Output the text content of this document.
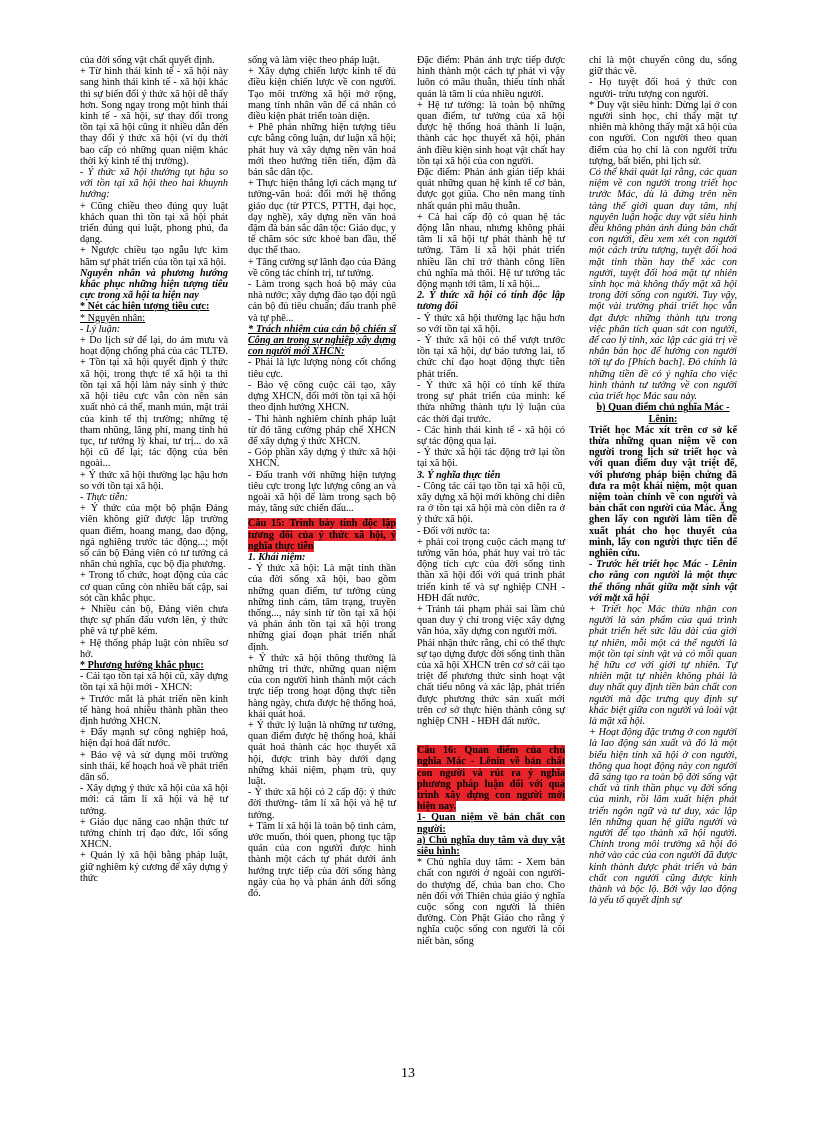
của đời sống vật chất quyết định.

+ Từ hình thái kinh tế - xã hội này sang hình thái kinh tế - xã hội khác thì sự biến đổi ý thức xã hội dễ thấy hơn. Song ngay trong một hình thái kinh tế - xã hội, sự thay đổi trong tồn tại xã hội cũng ít nhiều dẫn đến thay đổi ý thức xã hội (ví dụ thời bao cấp có những quan niệm khác thời kỳ kinh tế thị trường).

- Ý thức xã hội thường tụt hậu so với tồn tại xã hội theo hai khuynh hướng:

+ Cũng chiều theo đúng quy luật khách quan thì tồn tại xã hội phát triển đúng qui luật, phong phú, đa dạng.

+ Ngược chiều tạo ngẫu lực kìm hãm sự phát triển của tồn tại xã hội.

Nguyên nhân và phương hướng khắc phục những hiện tượng tiêu cực trong xã hội ta hiện nay

* Nét các hiện tượng tiêu cực:

* Nguyên nhân:

- Lý luận:

+ Do lịch sử để lại, do ảm mưu và hoạt động chống phá của các TLTĐ.

+ Tồn tại xã hội quyết định ý thức xã hội, trong thực tế xã hội ta thì tồn tại xã hội làm nảy sinh ý thức xã hội tiêu cực vẫn còn nền sản xuất nhỏ cá thể, manh mún, mặt trái của kinh tế thị trường; những tệ tham nhũng, lãng phí, mang tính hủ tục, tư tưởng lỳ khai, tư trị... do xã hội cũ để lại; tác động của bên ngoài...

+ Ý thức xã hội thường lạc hậu hơn so với tồn tại xã hội.

- Thực tiễn:

+ Ý thức của một bộ phận Đảng viên không giữ được lập trường quan điểm, hoang mang, dao động, ngả nghiêng trước tác động...; một số cán bộ Đảng viên có tư tưởng cá nhân chủ nghĩa, cục bộ địa phương.

+ Trong tổ chức, hoạt động của các cơ quan cũng còn nhiều bất cập, sai sót cần khắc phục.

+ Nhiều cán bộ, Đảng viên chưa thực sự phấn đấu vươn lên, ý thức phê và tự phê kém.

+ Hệ thống pháp luật còn nhiều sơ hở.

* Phương hướng khắc phục:

- Cải tạo tồn tại xã hội cũ, xây dựng tồn tại xã hội mới - XHCN:

+ Trước mắt là phát triển nền kinh tế hàng hoá nhiều thành phần theo định hướng XHCN.

+ Đẩy mạnh sự công nghiệp hoá, hiện đại hoá đất nước.

+ Bảo vệ và sử dụng môi trường sinh thái, kế hoạch hoá về phát triển dân số.

- Xây dựng ý thức xã hội của xã hội mới: cả tâm lí xã hội và hệ tư tưởng.

+ Giáo dục nâng cao nhận thức tư tưởng chính trị đạo đức, lối sống XHCN.

+ Quản lý xã hội bằng pháp luật, giữ nghiêm kỷ cương để xây dựng ý thức

sống và làm việc theo pháp luật.

+ Xây dựng chiến lược kinh tế đủ điều kiện chiến lược về con người. Tạo môi trường xã hội mở rộng, mang tính nhân văn để cá nhân có điều kiện phát triển toàn diện.

+ Phê phán những hiện tượng tiêu cực bằng công luận, dư luận xã hội; phát huy và xây dựng nền văn hoá mới theo hướng tiên tiến, đậm đà bản sắc dân tộc.

+ Thực hiện thắng lợi cách mạng tư tưởng-văn hoá: đổi mới hệ thống giáo dục (từ PTCS, PTTH, đại học, dạy nghề), xây dựng nền văn hoá đậm đà bản sắc dân tộc: Giáo dục, y tế chăm sóc sức khoẻ ban đầu, thể dục thể thao.

+ Tăng cường sự lãnh đạo của Đảng về công tác chính trị, tư tưởng.

- Làm trong sạch hoá bộ máy của nhà nước; xây dựng đào tạo đội ngũ cán bộ đủ tiêu chuẩn; đấu tranh phê và tự phê...

* Trách nhiệm của cán bộ chiến sĩ Công an trong sự nghiệp xây dựng con người mới XHCN:

- Phải là lực lượng nòng cốt chống tiêu cực.

- Bảo vệ công cuộc cải tạo, xây dựng XHCN, đổi mới tồn tại xã hội theo định hướng XHCN.

- Thi hành nghiêm chỉnh pháp luật từ đó tăng cường pháp chế XHCN để xây dựng ý thức XHCN.

- Góp phần xây dựng ý thức xã hội XHCN.

- Đấu tranh với những hiện tượng tiêu cực trong lực lượng công an và ngoài xã hội để làm trong sạch bộ máy, tăng sức chiến đấu...

Câu 15: Trình bày tính độc lập tương đối của ý thức xã hội, ý nghĩa thực tiễn

1. Khái niệm:

- Ý thức xã hội: Là mặt tinh thần của đời sống xã hội, bao gồm những quan điểm, tư tưởng cùng những tình cảm, tâm trạng, truyền thống..., nảy sinh từ tồn tại xã hội và phản ánh tồn tại xã hội trong những giai đoạn phát triển nhất định.

+ Ý thức xã hội thông thường là những tri thức, những quan niệm của con người hình thành một cách trực tiếp trong hoạt động thực tiễn hàng ngày, chưa được hệ thống hoá, khái quát hoá.

+ Ý thức lý luận là những tư tưởng, quan điểm được hệ thống hoá, khái quát hoá thành các học thuyết xã hội, được trình bày dưới dạng những khái niệm, phạm trù, quy luật.

- Ý thức xã hội có 2 cấp độ: ý thức đời thường- tâm lí xã hội và hệ tư tưởng.

+ Tâm lí xã hội là toàn bộ tình cảm, ước muốn, thói quen, phong tục tập quán của con người được hình thành một cách tự phát dưới ảnh hưởng trực tiếp của đời sống hàng ngày của họ và phản ánh đời sống đó.

Đặc điểm: Phản ánh trực tiếp được hình thành một cách tự phát vì vậy luôn có mâu thuẫn, thiếu tính nhất quán là tâm lí của nhiều người.

+ Hệ tư tưởng: là toàn bộ những quan điểm, tư tưởng của xã hội được hệ thống hoá thành lí luận, thành các học thuyết xã hội, phản ánh điều kiện sinh hoạt vật chất hay tồn tại xã hội của con người.

Đặc điểm: Phản ánh gián tiếp khái quát những quan hệ kinh tế cơ bản, được gọt giũa. Cho nên mang tính nhất quán phi mâu thuẫn.

+ Cả hai cấp độ có quan hệ tác động lẫn nhau, nhưng không phải tâm lí xã hội tự phát thành hệ tư tưởng. Tâm lí xã hội phát triển nhiều lần chỉ trở thành công liền chủ nghĩa mà thôi. Hệ tư tưởng tác động mạnh tới tâm, lí xã hội...

2. Ý thức xã hội có tính độc lập tương đối

- Ý thức xã hội thường lạc hậu hơn so với tồn tại xã hội.

- Ý thức xã hội có thể vượt trước tồn tại xã hội, dự báo tương lai, tổ chức chỉ đạo hoạt động thực tiễn phát triển.

- Ý thức xã hội có tính kế thừa trong sự phát triển của mình: kế thừa những thành tựu lý luận của các thời đại trước.

- Các hình thái kinh tế - xã hội có sự tác động qua lại.

- Ý thức xã hội tác động trở lại tồn tại xã hội.

3. Ý nghĩa thực tiễn

- Công tác cải tạo tồn tại xã hội cũ, xây dựng xã hội mới không chỉ diễn ra ở tồn tại xã hội mà còn diễn ra ở ý thức xã hội.

- Đối với nước ta:

+ phải coi trọng cuộc cách mạng tư tưởng văn hóa, phát huy vai trò tác động tích cực của đời sống tinh thần xã hội đối với quá trình phát triển kinh tế và sự nghiệp CNH - HĐH đất nước.

+ Tránh tái phạm phải sai lầm chủ quan duy ý chí trong việc xây dựng văn hóa, xây dựng con người mới.

Phải nhận thức rằng, chỉ có thể thực sự tạo dựng được đời sống tinh thần của xã hội XHCN trên cơ sở cải tạo triệt để phương thức sinh hoạt vật chất tiểu nông và xác lập, phát triển được phương thức sản xuất mới trên cơ sở thực hiện thành công sự nghiệp CNH - HĐH đất nước.

Câu 16: Quan điểm của chủ nghĩa Mác - Lênin về bản chất con người và rút ra ý nghĩa phương pháp luận đối với quá trình xây dựng con người mới hiện nay.

1- Quan niệm về bản chất con người:

a) Chủ nghĩa duy tâm và duy vật siêu hình:

* Chủ nghĩa duy tâm: - Xem bản chất con người ở ngoài con người- do thượng đế, chúa ban cho. Cho nên đối với Thiên chúa giáo ý nghĩa cuộc sống con người là thiên đường. Còn Phật Giáo cho rằng ý nghĩa cuộc sống con người là cõi niết bàn, sống

chỉ là một chuyến công du, sống giữ thác về.

- Họ tuyệt đối hoá ý thức con người- trừu tượng con người.

* Duy vật siêu hình: Dừng lại ở con người sinh học, chỉ thấy mặt tự nhiên mà không thấy mặt xã hội của con người. Con người theo quan điểm của họ chỉ là con người trừu tượng, bất biến, phi lịch sử.

Có thể khái quát lại rằng, các quan niệm về con người trong triết học trước Mác, dù là đứng trên nền tảng thế giới quan duy tâm, nhị nguyên luận hoặc duy vật siêu hình đều không phản ánh đúng bản chất con người, đều xem xét con người một cách trừu tượng, tuyệt đối hoá mặt tinh thần hay thể xác con người, tuyệt đối hoá mặt tự nhiên sinh học mà không thấy mặt xã hội trong đời sống con người. Tuy vậy, một vài trường phái triết học vẫn đạt được những thành tựu trong việc phân tích quan sát con người, để cao lý tính, xác lập các giá trị về nhân bản học để hướng con người tới tự do [Phích bach]. Đó chính là những tiền đề có ý nghĩa cho việc hình thành tư tưởng về con người của triết học Mác sau này.

b) Quan điểm chủ nghĩa Mác - Lênin:

Triết học Mác xít trên cơ sở kế thừa những quan niệm về con người trong lịch sử triết học và với quan điểm duy vật triệt để, với phương pháp biện chứng đã đưa ra một khái niệm, một quan niệm toàn chỉnh về con người và bản chất con người của Mác. Ăng ghen lấy con người làm tiền đề xuất phát cho học thuyết của mình, lấy con người thực tiễn để nghiên cứu.

- Trước hết triết học Mác - Lênin cho rằng con người là một thực thể thống nhất giữa mặt sinh vật với mặt xã hội

+ Triết học Mác thừa nhận con người là sản phẩm của quá trình phát triển hết sức lâu dài của giới tự nhiên, mỗi một cá thể người là một tồn tại sinh vật và có mối quan hệ hữu cơ với giới tự nhiên. Tự nhiên mặt tự nhiên không phải là duy nhất quy định tiền bản chất con người mà đặc trưng quy định sự khác biệt giữa con người và loài vật là mặt xã hội.

+ Hoạt động đặc trưng ở con người là lao động sản xuất và đó là một biểu hiện tính xã hội ở con người, thông qua hoạt động này con người đã sáng tạo ra toàn bộ đời sống vật chất và tinh thần phục vụ đời sống của mình, rồi lâm xuất hiện phát triển ngôn ngữ và tư duy, xác lập lên những quan hệ giữa người và người để tạo thành xã hội người. Chính trong môi trường xã hội đó nhờ vào các của con người đã được kinh thành được phát triển và bản chất con người cũng được kinh thành và bộc lộ. Bởi vậy lao động là yếu tố quyết định sự

13
